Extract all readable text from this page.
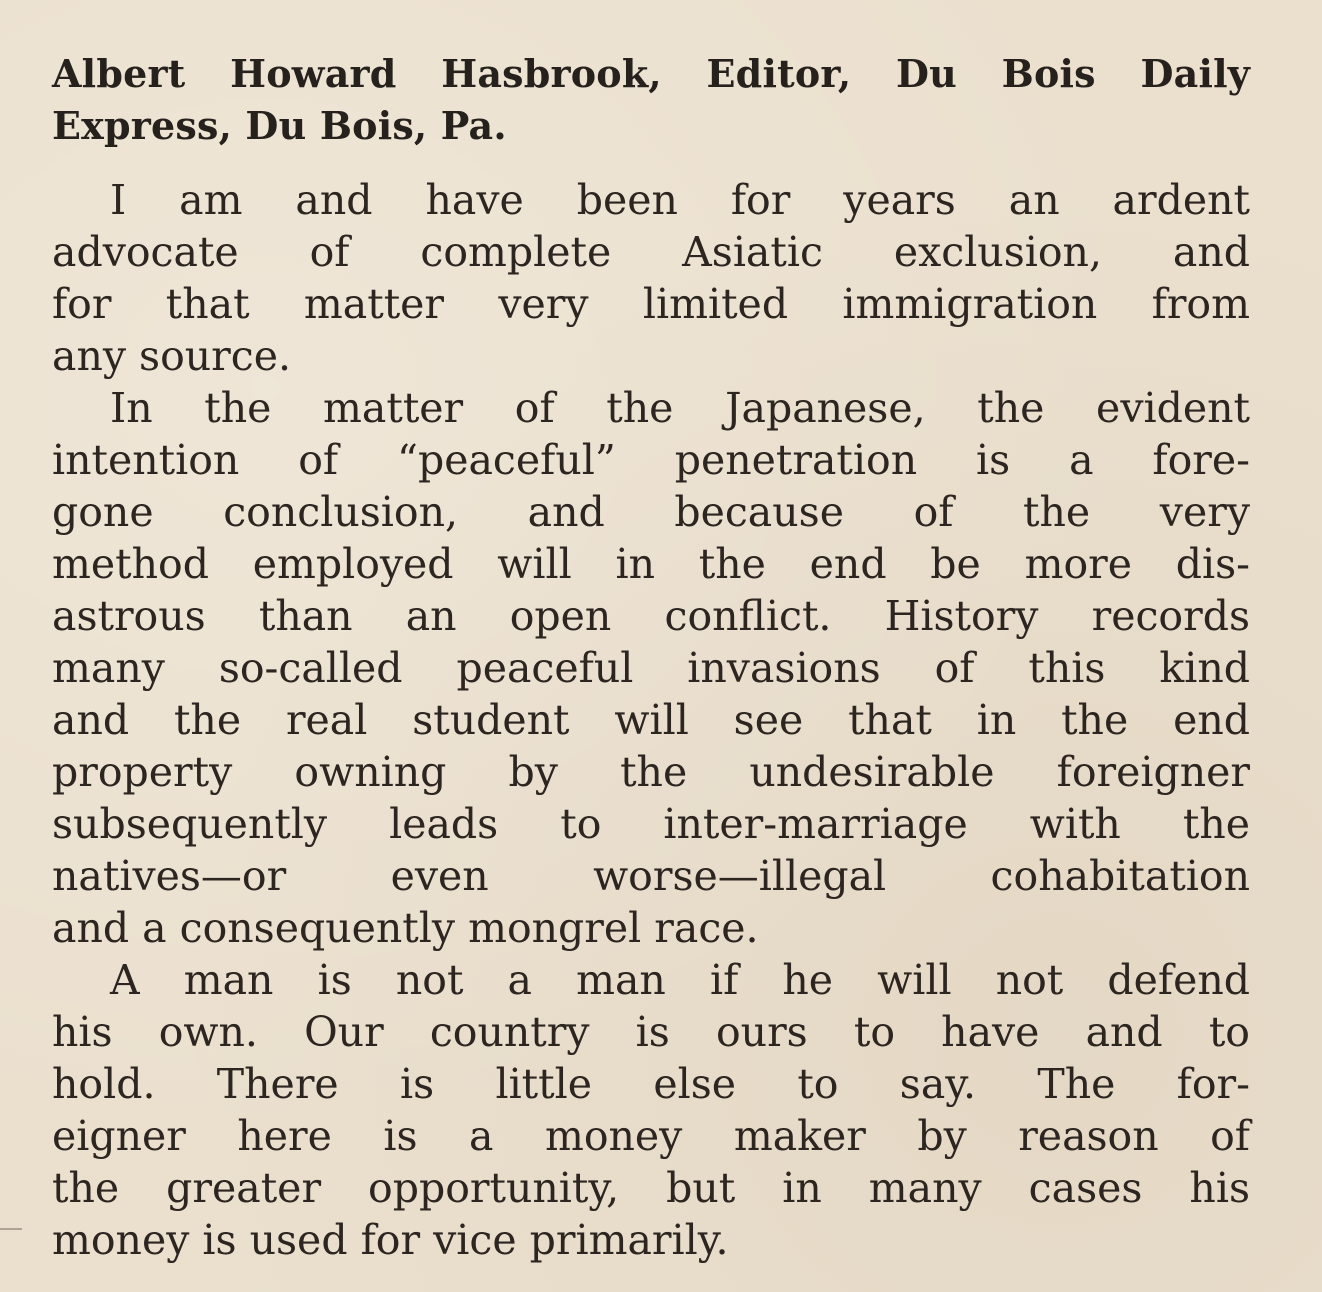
Albert Howard Hasbrook, Editor, Du Bois Daily
Express, Du Bois, Pa.
I am and have been for years an ardent
advocate of complete Asiatic exclusion, and
for that matter very limited immigration from
any source.
In the matter of the Japanese, the evident
intention of “peaceful” penetration is a fore-
gone conclusion, and because of the very
method employed will in the end be more dis-
astrous than an open conflict. History records
many so-called peaceful invasions of this kind
and the real student will see that in the end
property owning by the undesirable foreigner
subsequently leads to inter-marriage with the
natives—or even worse—illegal cohabitation
and a consequently mongrel race.
A man is not a man if he will not defend
his own. Our country is ours to have and to
hold. There is little else to say. The for-
eigner here is a money maker by reason of
the greater opportunity, but in many cases his
money is used for vice primarily.
